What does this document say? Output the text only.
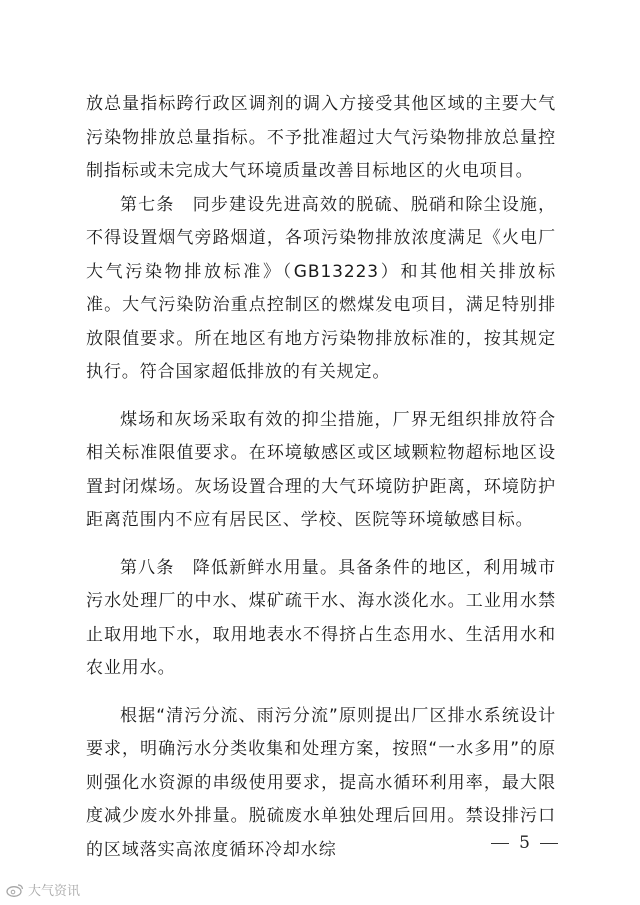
放总量指标跨行政区调剂的调入方接受其他区域的主要大气污染物排放总量指标。不予批准超过大气污染物排放总量控制指标或未完成大气环境质量改善目标地区的火电项目。

第七条　同步建设先进高效的脱硫、脱硝和除尘设施，不得设置烟气旁路烟道，各项污染物排放浓度满足《火电厂大气污染物排放标准》（GB13223）和其他相关排放标准。大气污染防治重点控制区的燃煤发电项目，满足特别排放限值要求。所在地区有地方污染物排放标准的，按其规定执行。符合国家超低排放的有关规定。

煤场和灰场采取有效的抑尘措施，厂界无组织排放符合相关标准限值要求。在环境敏感区或区域颗粒物超标地区设置封闭煤场。灰场设置合理的大气环境防护距离，环境防护距离范围内不应有居民区、学校、医院等环境敏感目标。

第八条　降低新鲜水用量。具备条件的地区，利用城市污水处理厂的中水、煤矿疏干水、海水淡化水。工业用水禁止取用地下水，取用地表水不得挤占生态用水、生活用水和农业用水。

根据“清污分流、雨污分流”原则提出厂区排水系统设计要求，明确污水分类收集和处理方案，按照“一水多用”的原则强化水资源的串级使用要求，提高水循环利用率，最大限度减少废水外排量。脱硫废水单独处理后回用。禁设排污口的区域落实高浓度循环冷却水综	5
大气资讯
